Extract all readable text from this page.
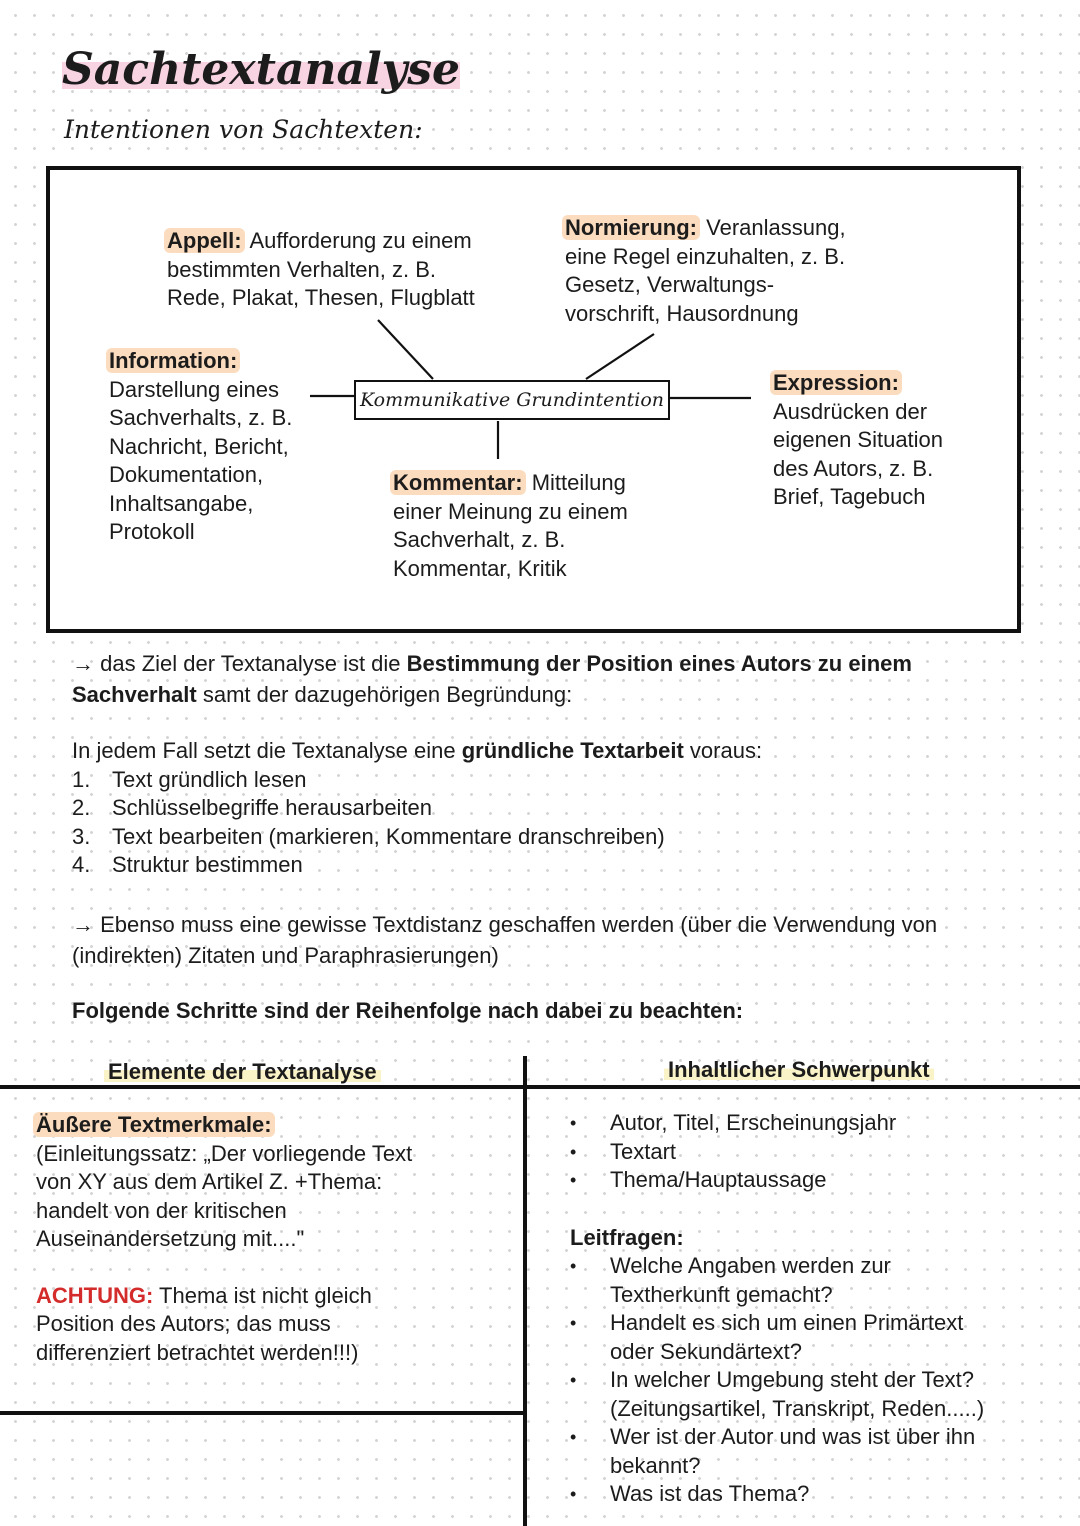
Sachtextanalyse
Intentionen von Sachtexten:
Kommunikative Grundintention
Appell: Aufforderung zu einem
bestimmten Verhalten, z. B.
Rede, Plakat, Thesen, Flugblatt
Normierung: Veranlassung,
eine Regel einzuhalten, z. B.
Gesetz, Verwaltungs-
vorschrift, Hausordnung
Information:
Darstellung eines
Sachverhalts, z. B.
Nachricht, Bericht,
Dokumentation,
Inhaltsangabe,
Protokoll
Expression:
Ausdrücken der
eigenen Situation
des Autors, z. B.
Brief, Tagebuch
Kommentar: Mitteilung
einer Meinung zu einem
Sachverhalt, z. B.
Kommentar, Kritik
→ das Ziel der Textanalyse ist die Bestimmung der Position eines Autors zu einem
Sachverhalt samt der dazugehörigen Begründung:
In jedem Fall setzt die Textanalyse eine gründliche Textarbeit voraus:
1. Text gründlich lesen
2. Schlüsselbegriffe herausarbeiten
3. Text bearbeiten (markieren, Kommentare dranschreiben)
4. Struktur bestimmen
→ Ebenso muss eine gewisse Textdistanz geschaffen werden (über die Verwendung von
(indirekten) Zitaten und Paraphrasierungen)
Folgende Schritte sind der Reihenfolge nach dabei zu beachten:
Elemente der Textanalyse	Inhaltlicher Schwerpunkt
Äußere Textmerkmale:
(Einleitungssatz: „Der vorliegende Text
von XY aus dem Artikel Z. +Thema:
handelt von der kritischen
Auseinandersetzung mit...."
ACHTUNG: Thema ist nicht gleich
Position des Autors; das muss
differenziert betrachtet werden!!!)
• Autor, Titel, Erscheinungsjahr
• Textart
• Thema/Hauptaussage
Leitfragen:
• Welche Angaben werden zur
Textherkunft gemacht?
• Handelt es sich um einen Primärtext
oder Sekundärtext?
• In welcher Umgebung steht der Text?
(Zeitungsartikel, Transkript, Reden.....)
• Wer ist der Autor und was ist über ihn
bekannt?
• Was ist das Thema?
